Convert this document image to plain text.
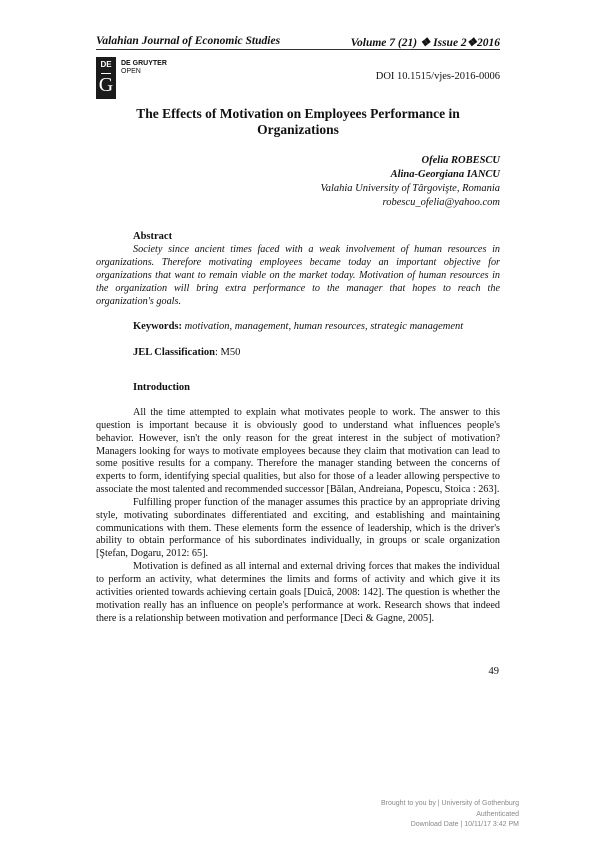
Valahian Journal of Economic Studies	Volume 7 (21) ❖ Issue 2❖2016
DE
G
DE GRUYTER
OPEN	DOI 10.1515/vjes-2016-0006
The Effects of Motivation on Employees Performance in Organizations
Ofelia ROBESCU
Alina-Georgiana IANCU
Valahia University of Târgovişte, Romania
robescu_ofelia@yahoo.com
Abstract
Society since ancient times faced with a weak involvement of human resources in organizations. Therefore motivating employees became today an important objective for organizations that want to remain viable on the market today. Motivation of human resources in the organization will bring extra performance to the manager that hopes to reach the organization's goals.
Keywords: motivation, management, human resources, strategic management
JEL Classification: M50
Introduction

All the time attempted to explain what motivates people to work. The answer to this question is important because it is obviously good to understand what influences people's behavior. However, isn't the only reason for the great interest in the subject of motivation? Managers looking for ways to motivate employees because they claim that motivation can lead to some positive results for a company. Therefore the manager standing between the concerns of experts to form, identifying special qualities, but also for those of a leader allowing perspective to associate the most talented and recommended successor [Bălan, Andreiana, Popescu, Stoica : 263].

Fulfilling proper function of the manager assumes this practice by an appropriate driving style, motivating subordinates differentiated and exciting, and establishing and maintaining communications with them. These elements form the essence of leadership, which is the driver's ability to obtain performance of his subordinates individually, in groups or scale organization [Ştefan, Dogaru, 2012: 65].

Motivation is defined as all internal and external driving forces that makes the individual to perform an activity, what determines the limits and forms of activity and which give it its activities oriented towards achieving certain goals [Duică, 2008: 142]. The question is whether the motivation really has an influence on people's performance at work. Research shows that indeed there is a relationship between motivation and performance [Deci & Gagne, 2005].

49
Brought to you by | University of Gothenburg
Authenticated
Download Date | 10/11/17 3:42 PM
